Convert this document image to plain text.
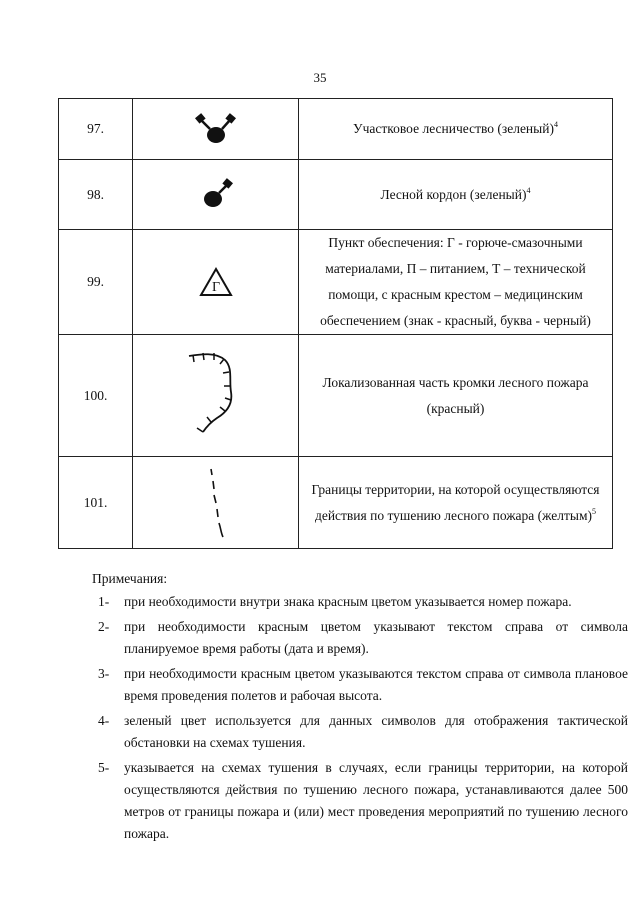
35
97.		Участковое лесничество (зеленый)$^4$
98.		Лесной кордон (зеленый)$^4$
99.	Г	Пункт обеспечения: Г - горюче-смазочными материалами, П – питанием, Т – технической помощи, с красным крестом – медицинским обеспечением (знак - красный, буква - черный)
100.		Локализованная часть кромки лесного пожара (красный)
101.		Границы территории, на которой осуществляются действия по тушению лесного пожара (желтым)$^5$
Примечания:
1-	при необходимости внутри знака красным цветом указывается номер пожара.
2-	при необходимости красным цветом указывают текстом справа от символа планируемое время работы (дата и время).
3-	при необходимости красным цветом указываются текстом справа от символа плановое время проведения полетов и рабочая высота.
4-	зеленый цвет используется для данных символов для отображения тактической обстановки на схемах тушения.
5-	указывается на схемах тушения в случаях, если границы территории, на которой осуществляются действия по тушению лесного пожара, устанавливаются далее 500 метров от границы пожара и (или) мест проведения мероприятий по тушению лесного пожара.
